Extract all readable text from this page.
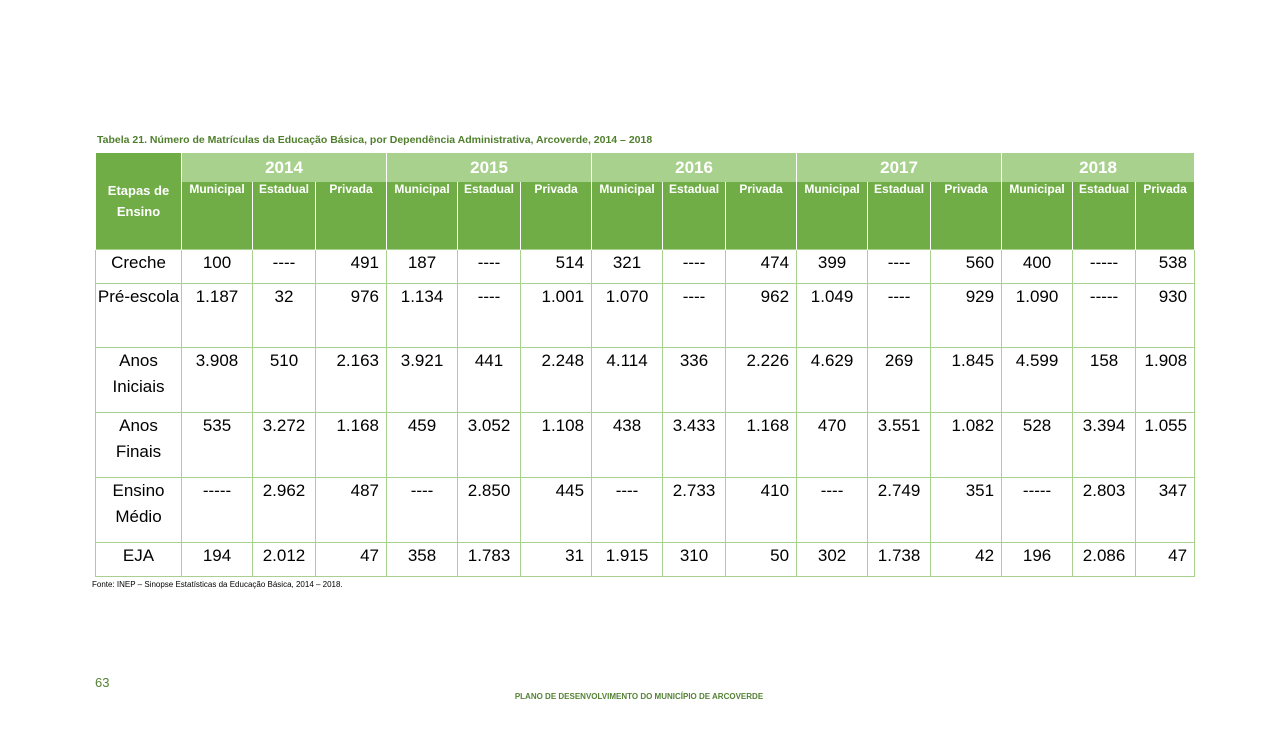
Tabela 21. Número de Matrículas da Educação Básica, por Dependência Administrativa, Arcoverde, 2014 – 2018
Etapas de Ensino	2014			2015			2016			2017			2018		
	Municipal	Estadual	Privada	Municipal	Estadual	Privada	Municipal	Estadual	Privada	Municipal	Estadual	Privada	Municipal	Estadual	Privada
Creche	100	----	491	187	----	514	321	----	474	399	----	560	400	-----	538
Pré-escola	1.187	32	976	1.134	----	1.001	1.070	----	962	1.049	----	929	1.090	-----	930
Anos Iniciais	3.908	510	2.163	3.921	441	2.248	4.114	336	2.226	4.629	269	1.845	4.599	158	1.908
Anos Finais	535	3.272	1.168	459	3.052	1.108	438	3.433	1.168	470	3.551	1.082	528	3.394	1.055
Ensino Médio	-----	2.962	487	----	2.850	445	----	2.733	410	----	2.749	351	-----	2.803	347
EJA	194	2.012	47	358	1.783	31	1.915	310	50	302	1.738	42	196	2.086	47
Fonte: INEP – Sinopse Estatísticas da Educação Básica, 2014 – 2018.
63
PLANO DE DESENVOLVIMENTO DO MUNICÍPIO DE ARCOVERDE
